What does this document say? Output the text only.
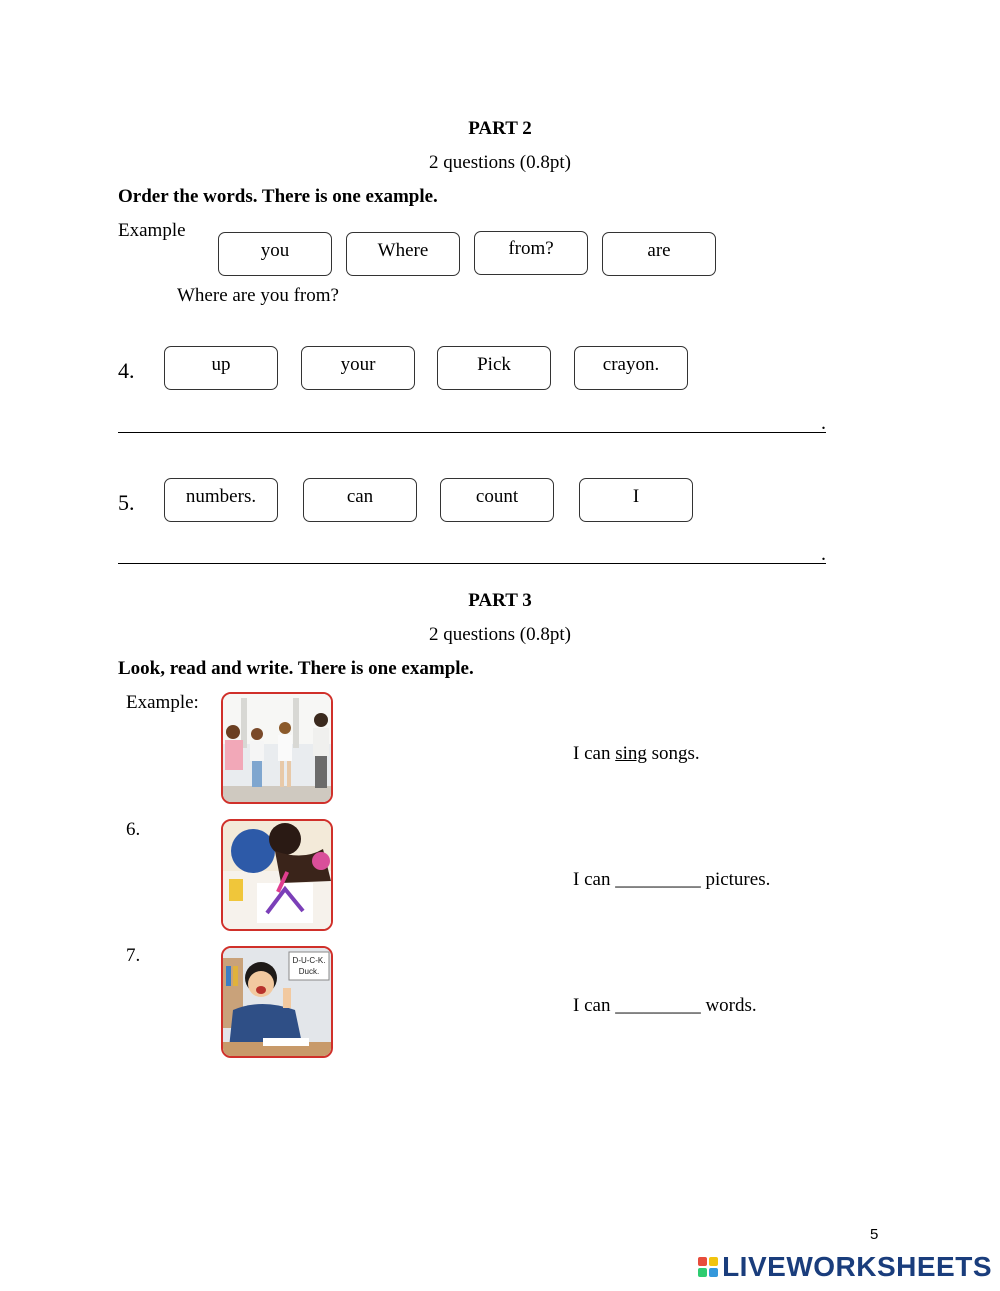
PART 2
2 questions (0.8pt)
Order the words. There is one example.
Example
you	Where	from?	are
Where are you from?
4.	up	your	Pick	crayon.
.
5.	numbers.	can	count	I
.
PART 3
2 questions (0.8pt)
Look, read and write. There is one example.
Example:
I can sing songs.
6.
I can _________ pictures.
7.	D-U-C-K.
Duck.
I can _________ words.
5
LIVEWORKSHEETS
